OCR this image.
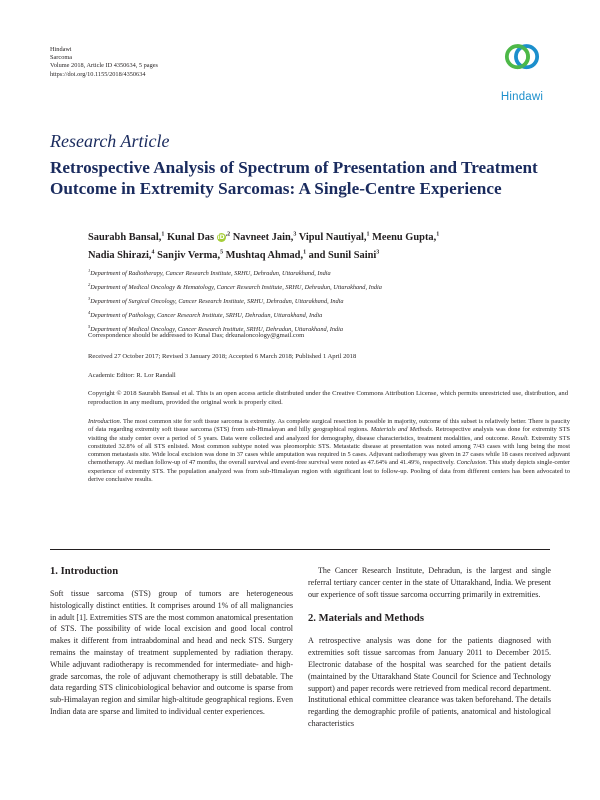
Hindawi
Sarcoma
Volume 2018, Article ID 4350634, 5 pages
https://doi.org/10.1155/2018/4350634
Hindawi
Research Article
Retrospective Analysis of Spectrum of Presentation and Treatment Outcome in Extremity Sarcomas: A Single-Centre Experience
Saurabh Bansal,$^1$ Kunal Das $iD^{,2}$ Navneet Jain,$^3$ Vipul Nautiyal,$^1$ Meenu Gupta,$^1$
Nadia Shirazi,$^4$ Sanjiv Verma,$^5$ Mushtaq Ahmad,$^1$ and Sunil Saini$^3$
$^1$Department of Radiotherapy, Cancer Research Institute, SRHU, Dehradun, Uttarakhand, India
$^2$Department of Medical Oncology & Hematology, Cancer Research Institute, SRHU, Dehradun, Uttarakhand, India
$^3$Department of Surgical Oncology, Cancer Research Institute, SRHU, Dehradun, Uttarakhand, India
$^4$Department of Pathology, Cancer Research Institute, SRHU, Dehradun, Uttarakhand, India
$^5$Department of Medical Oncology, Cancer Research Institute, SRHU, Dehradun, Uttarakhand, India
Correspondence should be addressed to Kunal Das; drkunaloncology@gmail.com
Received 27 October 2017; Revised 3 January 2018; Accepted 6 March 2018; Published 1 April 2018
Academic Editor: R. Lor Randall
Copyright © 2018 Saurabh Bansal et al. This is an open access article distributed under the Creative Commons Attribution License, which permits unrestricted use, distribution, and reproduction in any medium, provided the original work is properly cited.
Introduction. The most common site for soft tissue sarcoma is extremity. As complete surgical resection is possible in majority, outcome of this subset is relatively better. There is paucity of data regarding extremity soft tissue sarcoma (STS) from sub-Himalayan and hilly geographical regions. Materials and Methods. Retrospective analysis was done for extremity STS visiting the study center over a period of 5 years. Data were collected and analyzed for demography, disease characteristics, treatment modalities, and outcome. Result. Extremity STS constituted 32.8% of all STS enlisted. Most common subtype noted was pleomorphic STS. Metastatic disease at presentation was noted among 7/43 cases with lung being the most common metastasis site. Wide local excision was done in 37 cases while amputation was required in 5 cases. Adjuvant radiotherapy was given in 27 cases while 18 cases received adjuvant chemotherapy. At median follow-up of 47 months, the overall survival and event-free survival were noted as 47.64% and 41.49%, respectively. Conclusion. This study depicts single-center experience of extremity STS. The population analyzed was from sub-Himalayan region with significant lost to follow-up. Pooling of data from different centers has been advocated to derive conclusive results.
1. Introduction

Soft tissue sarcoma (STS) group of tumors are heterogeneous histologically distinct entities. It comprises around 1% of all malignancies in adult [1]. Extremities STS are the most common anatomical presentation of STS. The possibility of wide local excision and good local control makes it different from intraabdominal and head and neck STS. Surgery remains the mainstay of treatment supplemented by radiation therapy. While adjuvant radiotherapy is recommended for intermediate- and high-grade sarcomas, the role of adjuvant chemotherapy is still debatable. The data regarding STS clinicobiological behavior and outcome is sparse from sub-Himalayan region and similar high-altitude geographical regions. Even Indian data are sparse and limited to individual center experiences.

The Cancer Research Institute, Dehradun, is the largest and single referral tertiary cancer center in the state of Uttarakhand, India. We present our experience of soft tissue sarcoma occurring primarily in extremities.

2. Materials and Methods

A retrospective analysis was done for the patients diagnosed with extremities soft tissue sarcomas from January 2011 to December 2015. Electronic database of the hospital was searched for the patient details (maintained by the Uttarakhand State Council for Science and Technology support) and paper records were retrieved from medical record department. Institutional ethical committee clearance was taken beforehand. The details regarding the demographic profile of patients, anatomical and histological characteristics
